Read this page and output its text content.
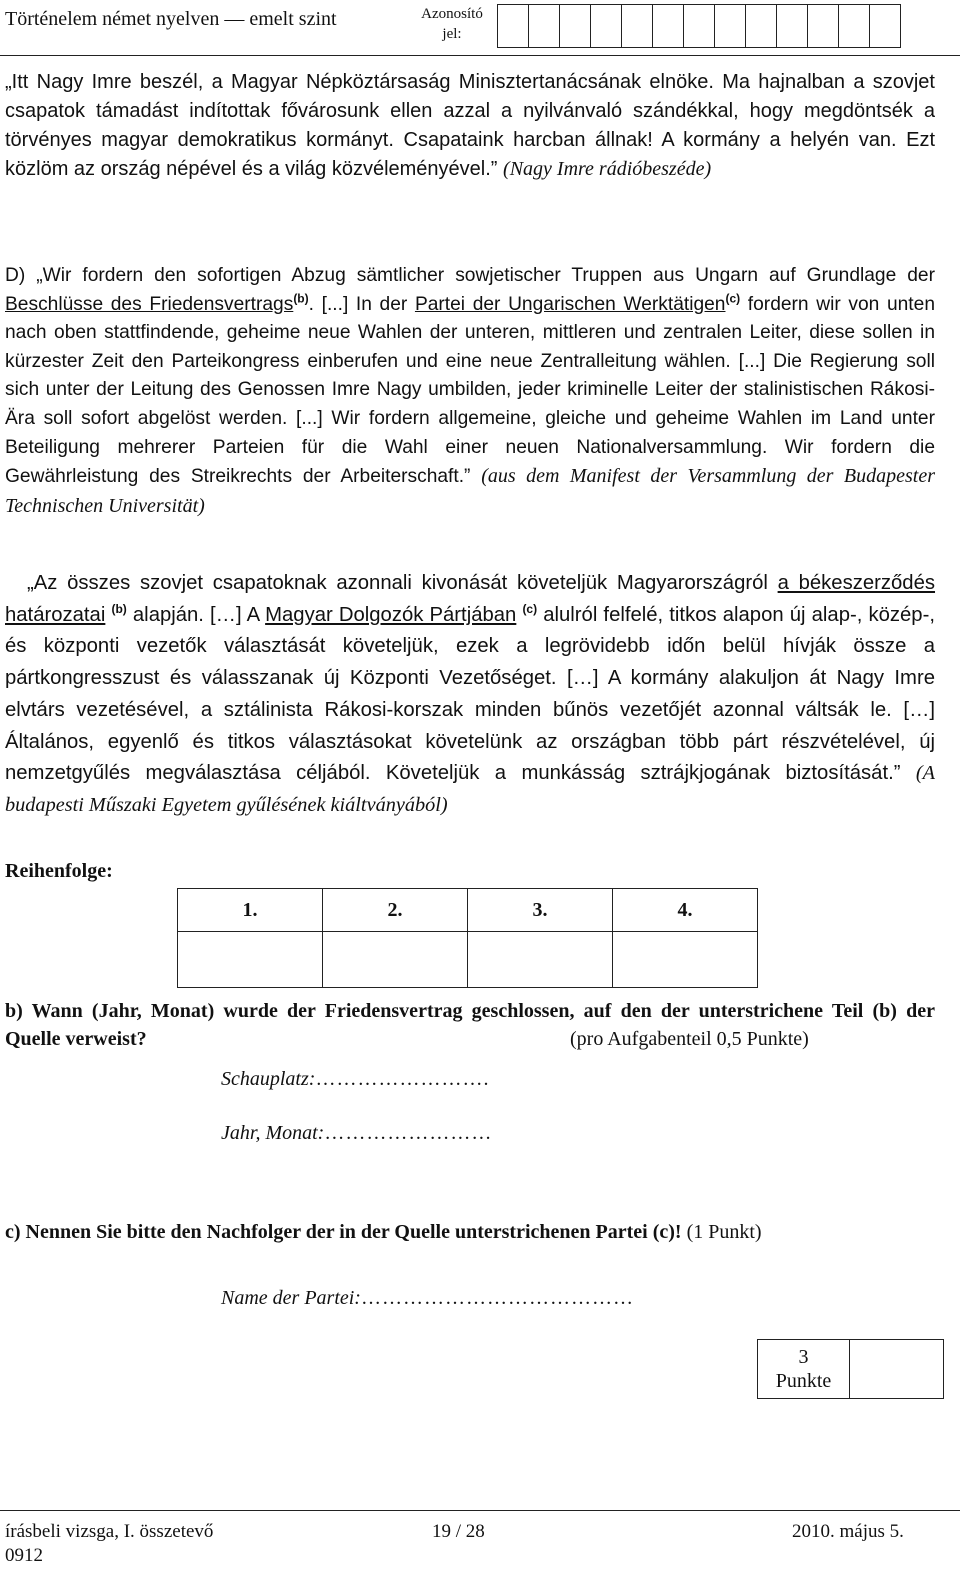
Történelem német nyelven — emelt szint	Azonosító
jel:
„Itt Nagy Imre beszél, a Magyar Népköztársaság Minisztertanácsának elnöke. Ma hajnalban a szovjet csapatok támadást indítottak fővárosunk ellen azzal a nyilvánvaló szándékkal, hogy megdöntsék a törvényes magyar demokratikus kormányt. Csapataink harcban állnak! A kormány a helyén van. Ezt közlöm az ország népével és a világ közvéleményével.” (Nagy Imre rádióbeszéde)
D) „Wir fordern den sofortigen Abzug sämtlicher sowjetischer Truppen aus Ungarn auf Grundlage der Beschlüsse des Friedensvertrags$^{(b)}$. [...] In der Partei der Ungarischen Werktätigen$^{(c)}$ fordern wir von unten nach oben stattfindende, geheime neue Wahlen der unteren, mittleren und zentralen Leiter, diese sollen in kürzester Zeit den Parteikongress einberufen und eine neue Zentralleitung wählen. [...] Die Regierung soll sich unter der Leitung des Genossen Imre Nagy umbilden, jeder kriminelle Leiter der stalinistischen Rákosi-Ära soll sofort abgelöst werden. [...] Wir fordern allgemeine, gleiche und geheime Wahlen im Land unter Beteiligung mehrerer Parteien für die Wahl einer neuen Nationalversammlung. Wir fordern die Gewährleistung des Streikrechts der Arbeiterschaft.” (aus dem Manifest der Versammlung der Budapester Technischen Universität)
„Az összes szovjet csapatoknak azonnali kivonását követeljük Magyarországról a békeszerződés határozatai $^{(b)}$ alapján. […] A Magyar Dolgozók Pártjában $^{(c)}$ alulról felfelé, titkos alapon új alap-, közép-, és központi vezetők választását követeljük, ezek a legrövidebb időn belül hívják össze a pártkongresszust és válasszanak új Központi Vezetőséget. […] A kormány alakuljon át Nagy Imre elvtárs vezetésével, a sztálinista Rákosi-korszak minden bűnös vezetőjét azonnal váltsák le. […] Általános, egyenlő és titkos választásokat követelünk az országban több párt részvételével, új nemzetgyűlés megválasztása céljából. Követeljük a munkásság sztrájkjogának biztosítását.” (A budapesti Műszaki Egyetem gyűlésének kiáltványából)
Reihenfolge:
1.	2.	3.	4.

b) Wann (Jahr, Monat) wurde der Friedensvertrag geschlossen, auf den der unterstrichene Teil (b) der Quelle verweist?	(pro Aufgabenteil 0,5 Punkte)
Schauplatz:…………………….
Jahr, Monat:……………………
c) Nennen Sie bitte den Nachfolger der in der Quelle unterstrichenen Partei (c)! (1 Punkt)
Name der Partei:…………………………………
3
Punkte

írásbeli vizsga, I. összetevő	19 / 28	2010. május 5.
0912
